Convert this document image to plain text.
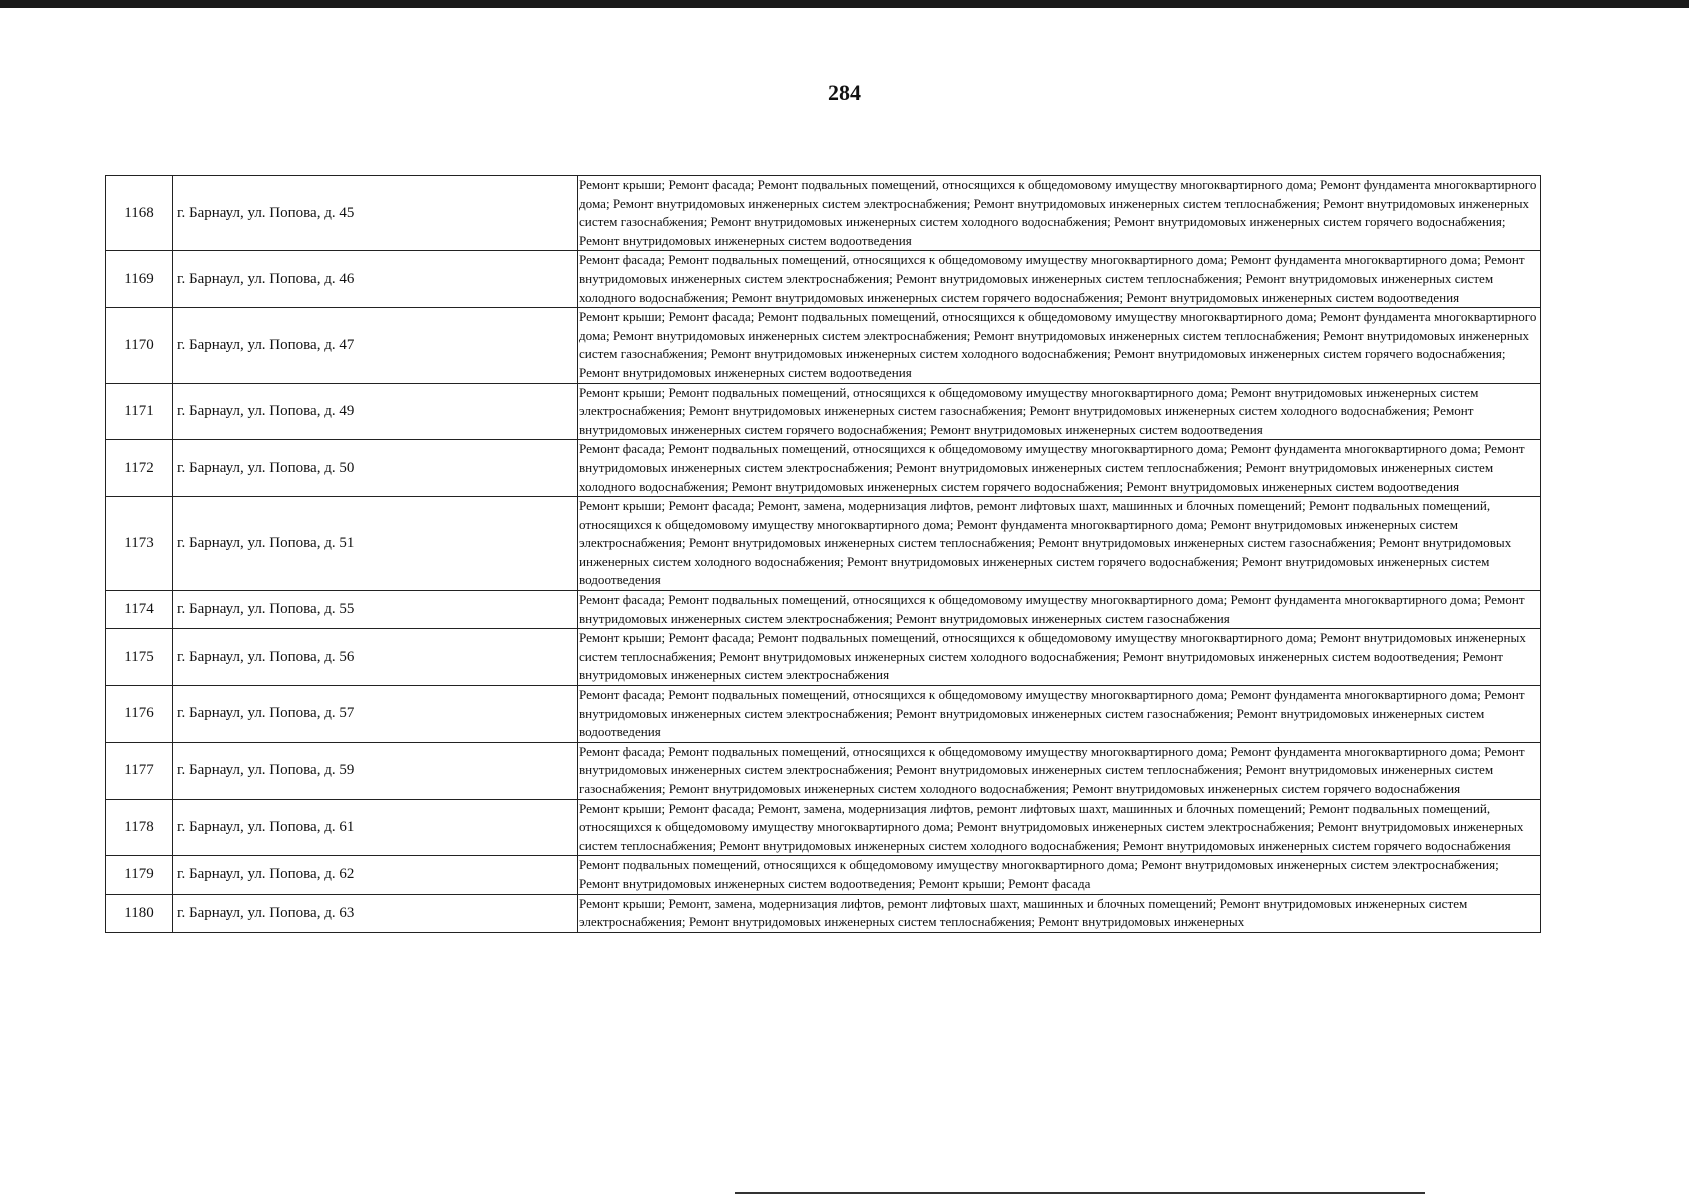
284
1168	г. Барнаул, ул. Попова, д. 45	Ремонт крыши; Ремонт фасада; Ремонт подвальных помещений, относящихся к общедомовому имуществу многоквартирного дома; Ремонт фундамента многоквартирного дома; Ремонт внутридомовых инженерных систем электроснабжения; Ремонт внутридомовых инженерных систем теплоснабжения; Ремонт внутридомовых инженерных систем газоснабжения; Ремонт внутридомовых инженерных систем холодного водоснабжения; Ремонт внутридомовых инженерных систем горячего водоснабжения; Ремонт внутридомовых инженерных систем водоотведения
1169	г. Барнаул, ул. Попова, д. 46	Ремонт фасада; Ремонт подвальных помещений, относящихся к общедомовому имуществу многоквартирного дома; Ремонт фундамента многоквартирного дома; Ремонт внутридомовых инженерных систем электроснабжения; Ремонт внутридомовых инженерных систем теплоснабжения; Ремонт внутридомовых инженерных систем холодного водоснабжения; Ремонт внутридомовых инженерных систем горячего водоснабжения; Ремонт внутридомовых инженерных систем водоотведения
1170	г. Барнаул, ул. Попова, д. 47	Ремонт крыши; Ремонт фасада; Ремонт подвальных помещений, относящихся к общедомовому имуществу многоквартирного дома; Ремонт фундамента многоквартирного дома; Ремонт внутридомовых инженерных систем электроснабжения; Ремонт внутридомовых инженерных систем теплоснабжения; Ремонт внутридомовых инженерных систем газоснабжения; Ремонт внутридомовых инженерных систем холодного водоснабжения; Ремонт внутридомовых инженерных систем горячего водоснабжения; Ремонт внутридомовых инженерных систем водоотведения
1171	г. Барнаул, ул. Попова, д. 49	Ремонт крыши; Ремонт подвальных помещений, относящихся к общедомовому имуществу многоквартирного дома; Ремонт внутридомовых инженерных систем электроснабжения; Ремонт внутридомовых инженерных систем газоснабжения; Ремонт внутридомовых инженерных систем холодного водоснабжения; Ремонт внутридомовых инженерных систем горячего водоснабжения; Ремонт внутридомовых инженерных систем водоотведения
1172	г. Барнаул, ул. Попова, д. 50	Ремонт фасада; Ремонт подвальных помещений, относящихся к общедомовому имуществу многоквартирного дома; Ремонт фундамента многоквартирного дома; Ремонт внутридомовых инженерных систем электроснабжения; Ремонт внутридомовых инженерных систем теплоснабжения; Ремонт внутридомовых инженерных систем холодного водоснабжения; Ремонт внутридомовых инженерных систем горячего водоснабжения; Ремонт внутридомовых инженерных систем водоотведения
1173	г. Барнаул, ул. Попова, д. 51	Ремонт крыши; Ремонт фасада; Ремонт, замена, модернизация лифтов, ремонт лифтовых шахт, машинных и блочных помещений; Ремонт подвальных помещений, относящихся к общедомовому имуществу многоквартирного дома; Ремонт фундамента многоквартирного дома; Ремонт внутридомовых инженерных систем электроснабжения; Ремонт внутридомовых инженерных систем теплоснабжения; Ремонт внутридомовых инженерных систем газоснабжения; Ремонт внутридомовых инженерных систем холодного водоснабжения; Ремонт внутридомовых инженерных систем горячего водоснабжения; Ремонт внутридомовых инженерных систем водоотведения
1174	г. Барнаул, ул. Попова, д. 55	Ремонт фасада; Ремонт подвальных помещений, относящихся к общедомовому имуществу многоквартирного дома; Ремонт фундамента многоквартирного дома; Ремонт внутридомовых инженерных систем электроснабжения; Ремонт внутридомовых инженерных систем газоснабжения
1175	г. Барнаул, ул. Попова, д. 56	Ремонт крыши; Ремонт фасада; Ремонт подвальных помещений, относящихся к общедомовому имуществу многоквартирного дома; Ремонт внутридомовых инженерных систем теплоснабжения; Ремонт внутридомовых инженерных систем холодного водоснабжения; Ремонт внутридомовых инженерных систем водоотведения; Ремонт внутридомовых инженерных систем электроснабжения
1176	г. Барнаул, ул. Попова, д. 57	Ремонт фасада; Ремонт подвальных помещений, относящихся к общедомовому имуществу многоквартирного дома; Ремонт фундамента многоквартирного дома; Ремонт внутридомовых инженерных систем электроснабжения; Ремонт внутридомовых инженерных систем газоснабжения; Ремонт внутридомовых инженерных систем водоотведения
1177	г. Барнаул, ул. Попова, д. 59	Ремонт фасада; Ремонт подвальных помещений, относящихся к общедомовому имуществу многоквартирного дома; Ремонт фундамента многоквартирного дома; Ремонт внутридомовых инженерных систем электроснабжения; Ремонт внутридомовых инженерных систем теплоснабжения; Ремонт внутридомовых инженерных систем газоснабжения; Ремонт внутридомовых инженерных систем холодного водоснабжения; Ремонт внутридомовых инженерных систем горячего водоснабжения
1178	г. Барнаул, ул. Попова, д. 61	Ремонт крыши; Ремонт фасада; Ремонт, замена, модернизация лифтов, ремонт лифтовых шахт, машинных и блочных помещений; Ремонт подвальных помещений, относящихся к общедомовому имуществу многоквартирного дома; Ремонт внутридомовых инженерных систем электроснабжения; Ремонт внутридомовых инженерных систем теплоснабжения; Ремонт внутридомовых инженерных систем холодного водоснабжения; Ремонт внутридомовых инженерных систем горячего водоснабжения
1179	г. Барнаул, ул. Попова, д. 62	Ремонт подвальных помещений, относящихся к общедомовому имуществу многоквартирного дома; Ремонт внутридомовых инженерных систем электроснабжения; Ремонт внутридомовых инженерных систем водоотведения; Ремонт крыши; Ремонт фасада
1180	г. Барнаул, ул. Попова, д. 63	Ремонт крыши; Ремонт, замена, модернизация лифтов, ремонт лифтовых шахт, машинных и блочных помещений; Ремонт внутридомовых инженерных систем электроснабжения; Ремонт внутридомовых инженерных систем теплоснабжения; Ремонт внутридомовых инженерных
